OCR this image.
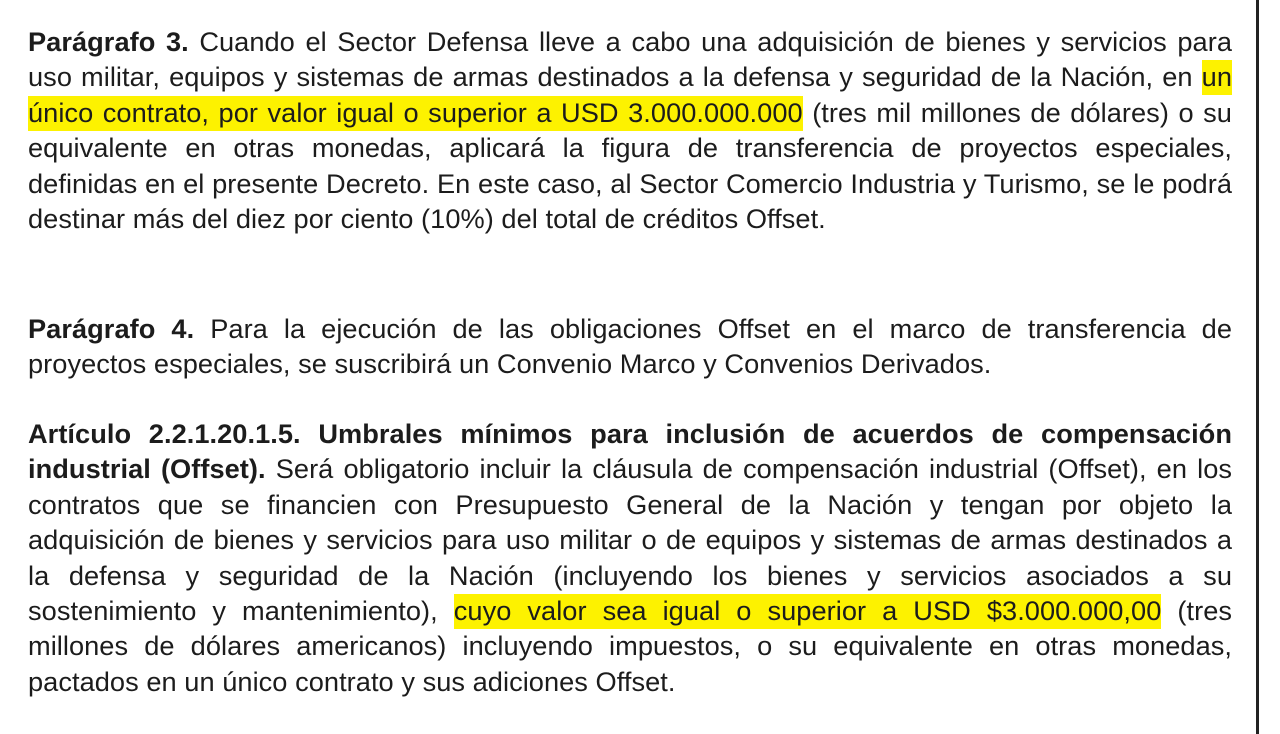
Parágrafo 3. Cuando el Sector Defensa lleve a cabo una adquisición de bienes y servicios para uso militar, equipos y sistemas de armas destinados a la defensa y seguridad de la Nación, en un único contrato, por valor igual o superior a USD 3.000.000.000 (tres mil millones de dólares) o su equivalente en otras monedas, aplicará la figura de transferencia de proyectos especiales, definidas en el presente Decreto. En este caso, al Sector Comercio Industria y Turismo, se le podrá destinar más del diez por ciento (10%) del total de créditos Offset.

Parágrafo 4. Para la ejecución de las obligaciones Offset en el marco de transferencia de proyectos especiales, se suscribirá un Convenio Marco y Convenios Derivados.

Artículo 2.2.1.20.1.5. Umbrales mínimos para inclusión de acuerdos de compensación industrial (Offset). Será obligatorio incluir la cláusula de compensación industrial (Offset), en los contratos que se financien con Presupuesto General de la Nación y tengan por objeto la adquisición de bienes y servicios para uso militar o de equipos y sistemas de armas destinados a la defensa y seguridad de la Nación (incluyendo los bienes y servicios asociados a su sostenimiento y mantenimiento), cuyo valor sea igual o superior a USD $3.000.000,00 (tres millones de dólares americanos) incluyendo impuestos, o su equivalente en otras monedas, pactados en un único contrato y sus adiciones Offset.
